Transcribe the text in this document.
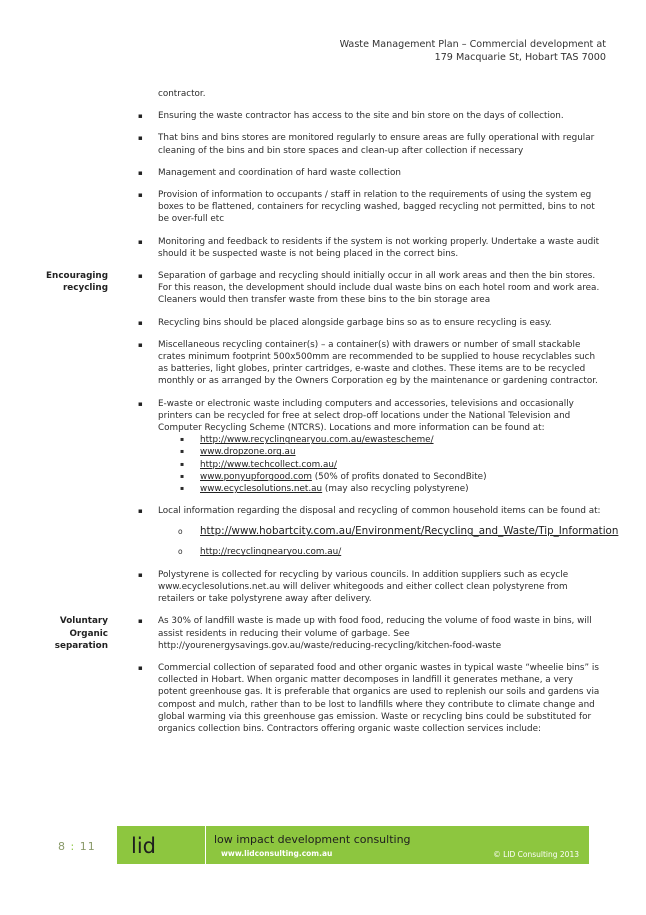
Waste Management Plan – Commercial development at
179 Macquarie St, Hobart TAS 7000
contractor.
▪ Ensuring the waste contractor has access to the site and bin store on the days of collection.
▪ That bins and bins stores are monitored regularly to ensure areas are fully operational with regular cleaning of the bins and bin store spaces and clean-up after collection if necessary
▪ Management and coordination of hard waste collection
▪ Provision of information to occupants / staff in relation to the requirements of using the system eg boxes to be flattened, containers for recycling washed, bagged recycling not permitted, bins to not be over-full etc
▪ Monitoring and feedback to residents if the system is not working properly. Undertake a waste audit should it be suspected waste is not being placed in the correct bins.
Encouraging recycling
▪ Separation of garbage and recycling should initially occur in all work areas and then the bin stores. For this reason, the development should include dual waste bins on each hotel room and work area. Cleaners would then transfer waste from these bins to the bin storage area
▪ Recycling bins should be placed alongside garbage bins so as to ensure recycling is easy.
▪ Miscellaneous recycling container(s) – a container(s) with drawers or number of small stackable crates minimum footprint 500x500mm are recommended to be supplied to house recyclables such as batteries, light globes, printer cartridges, e-waste and clothes. These items are to be recycled monthly or as arranged by the Owners Corporation eg by the maintenance or gardening contractor.
▪ E-waste or electronic waste including computers and accessories, televisions and occasionally printers can be recycled for free at select drop-off locations under the National Television and Computer Recycling Scheme (NTCRS). Locations and more information can be found at:
▪ http://www.recyclingnearyou.com.au/ewastescheme/
▪ www.dropzone.org.au
▪ http://www.techcollect.com.au/
▪ www.ponyupforgood.com (50% of profits donated to SecondBite)
▪ www.ecyclesolutions.net.au (may also recycling polystyrene)
▪ Local information regarding the disposal and recycling of common household items can be found at:
o http://www.hobartcity.com.au/Environment/Recycling_and_Waste/Tip_Information
o http://recyclingnearyou.com.au/
▪ Polystyrene is collected for recycling by various councils. In addition suppliers such as ecycle www.ecyclesolutions.net.au will deliver whitegoods and either collect clean polystyrene from retailers or take polystyrene away after delivery.
Voluntary Organic separation
▪ As 30% of landfill waste is made up with food food, reducing the volume of food waste in bins, will assist residents in reducing their volume of garbage. See http://yourenergysavings.gov.au/waste/reducing-recycling/kitchen-food-waste
▪ Commercial collection of separated food and other organic wastes in typical waste “wheelie bins” is collected in Hobart. When organic matter decomposes in landfill it generates methane, a very potent greenhouse gas. It is preferable that organics are used to replenish our soils and gardens via compost and mulch, rather than to be lost to landfills where they contribute to climate change and global warming via this greenhouse gas emission. Waste or recycling bins could be substituted for organics collection bins. Contractors offering organic waste collection services include:
8 : 11 lid	low impact development consulting
www.lidconsulting.com.au	© LID Consulting 2013
